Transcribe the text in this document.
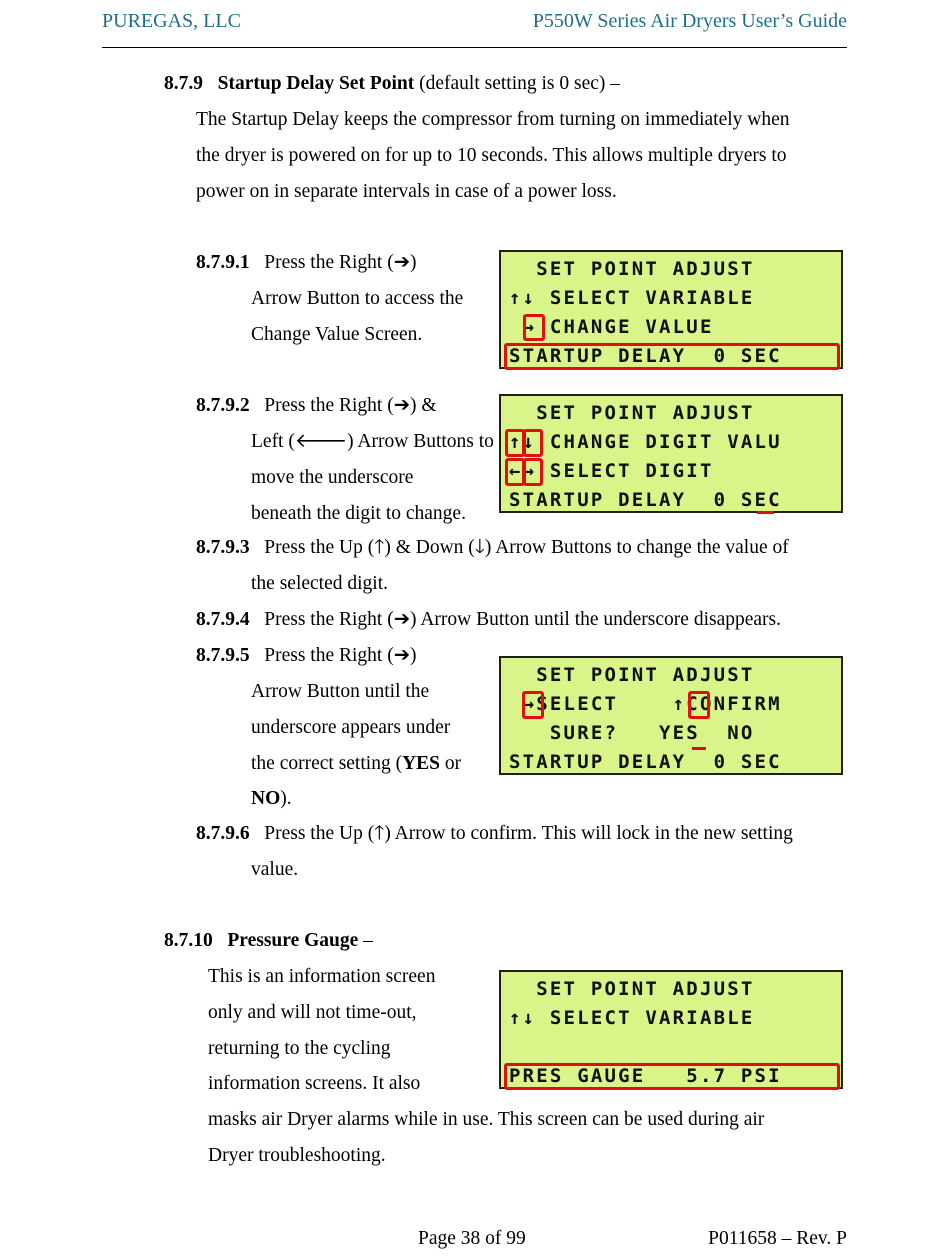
PUREGAS, LLC	P550W Series Air Dryers User’s Guide
8.7.9 Startup Delay Set Point (default setting is 0 sec) –
The Startup Delay keeps the compressor from turning on immediately when
the dryer is powered on for up to 10 seconds. This allows multiple dryers to
power on in separate intervals in case of a power loss.
8.7.9.1 Press the Right (➔)
Arrow Button to access the
Change Value Screen.
SET POINT ADJUST
↑↓ SELECT VARIABLE
→ CHANGE VALUE
STARTUP DELAY  0 SEC
8.7.9.2 Press the Right (➔) &
Left (🡐) Arrow Buttons to
move the underscore
beneath the digit to change.
SET POINT ADJUST
↑↓ CHANGE DIGIT VALU
←→ SELECT DIGIT
STARTUP DELAY  0 SEC
8.7.9.3 Press the Up (🡑) & Down (🡓) Arrow Buttons to change the value of
the selected digit.
8.7.9.4 Press the Right (➔) Arrow Button until the underscore disappears.
8.7.9.5 Press the Right (➔)
Arrow Button until the
underscore appears under
the correct setting (YES or
NO).
SET POINT ADJUST
→SELECT    ↑CONFIRM
SURE?   YES  NO
STARTUP DELAY  0 SEC
8.7.9.6 Press the Up (🡑) Arrow to confirm. This will lock in the new setting
value.
8.7.10 Pressure Gauge –
This is an information screen
only and will not time-out,
returning to the cycling
information screens. It also
masks air Dryer alarms while in use. This screen can be used during air
Dryer troubleshooting.
SET POINT ADJUST
↑↓ SELECT VARIABLE
PRES GAUGE   5.7 PSI
Page 38 of 99	P011658 – Rev. P
